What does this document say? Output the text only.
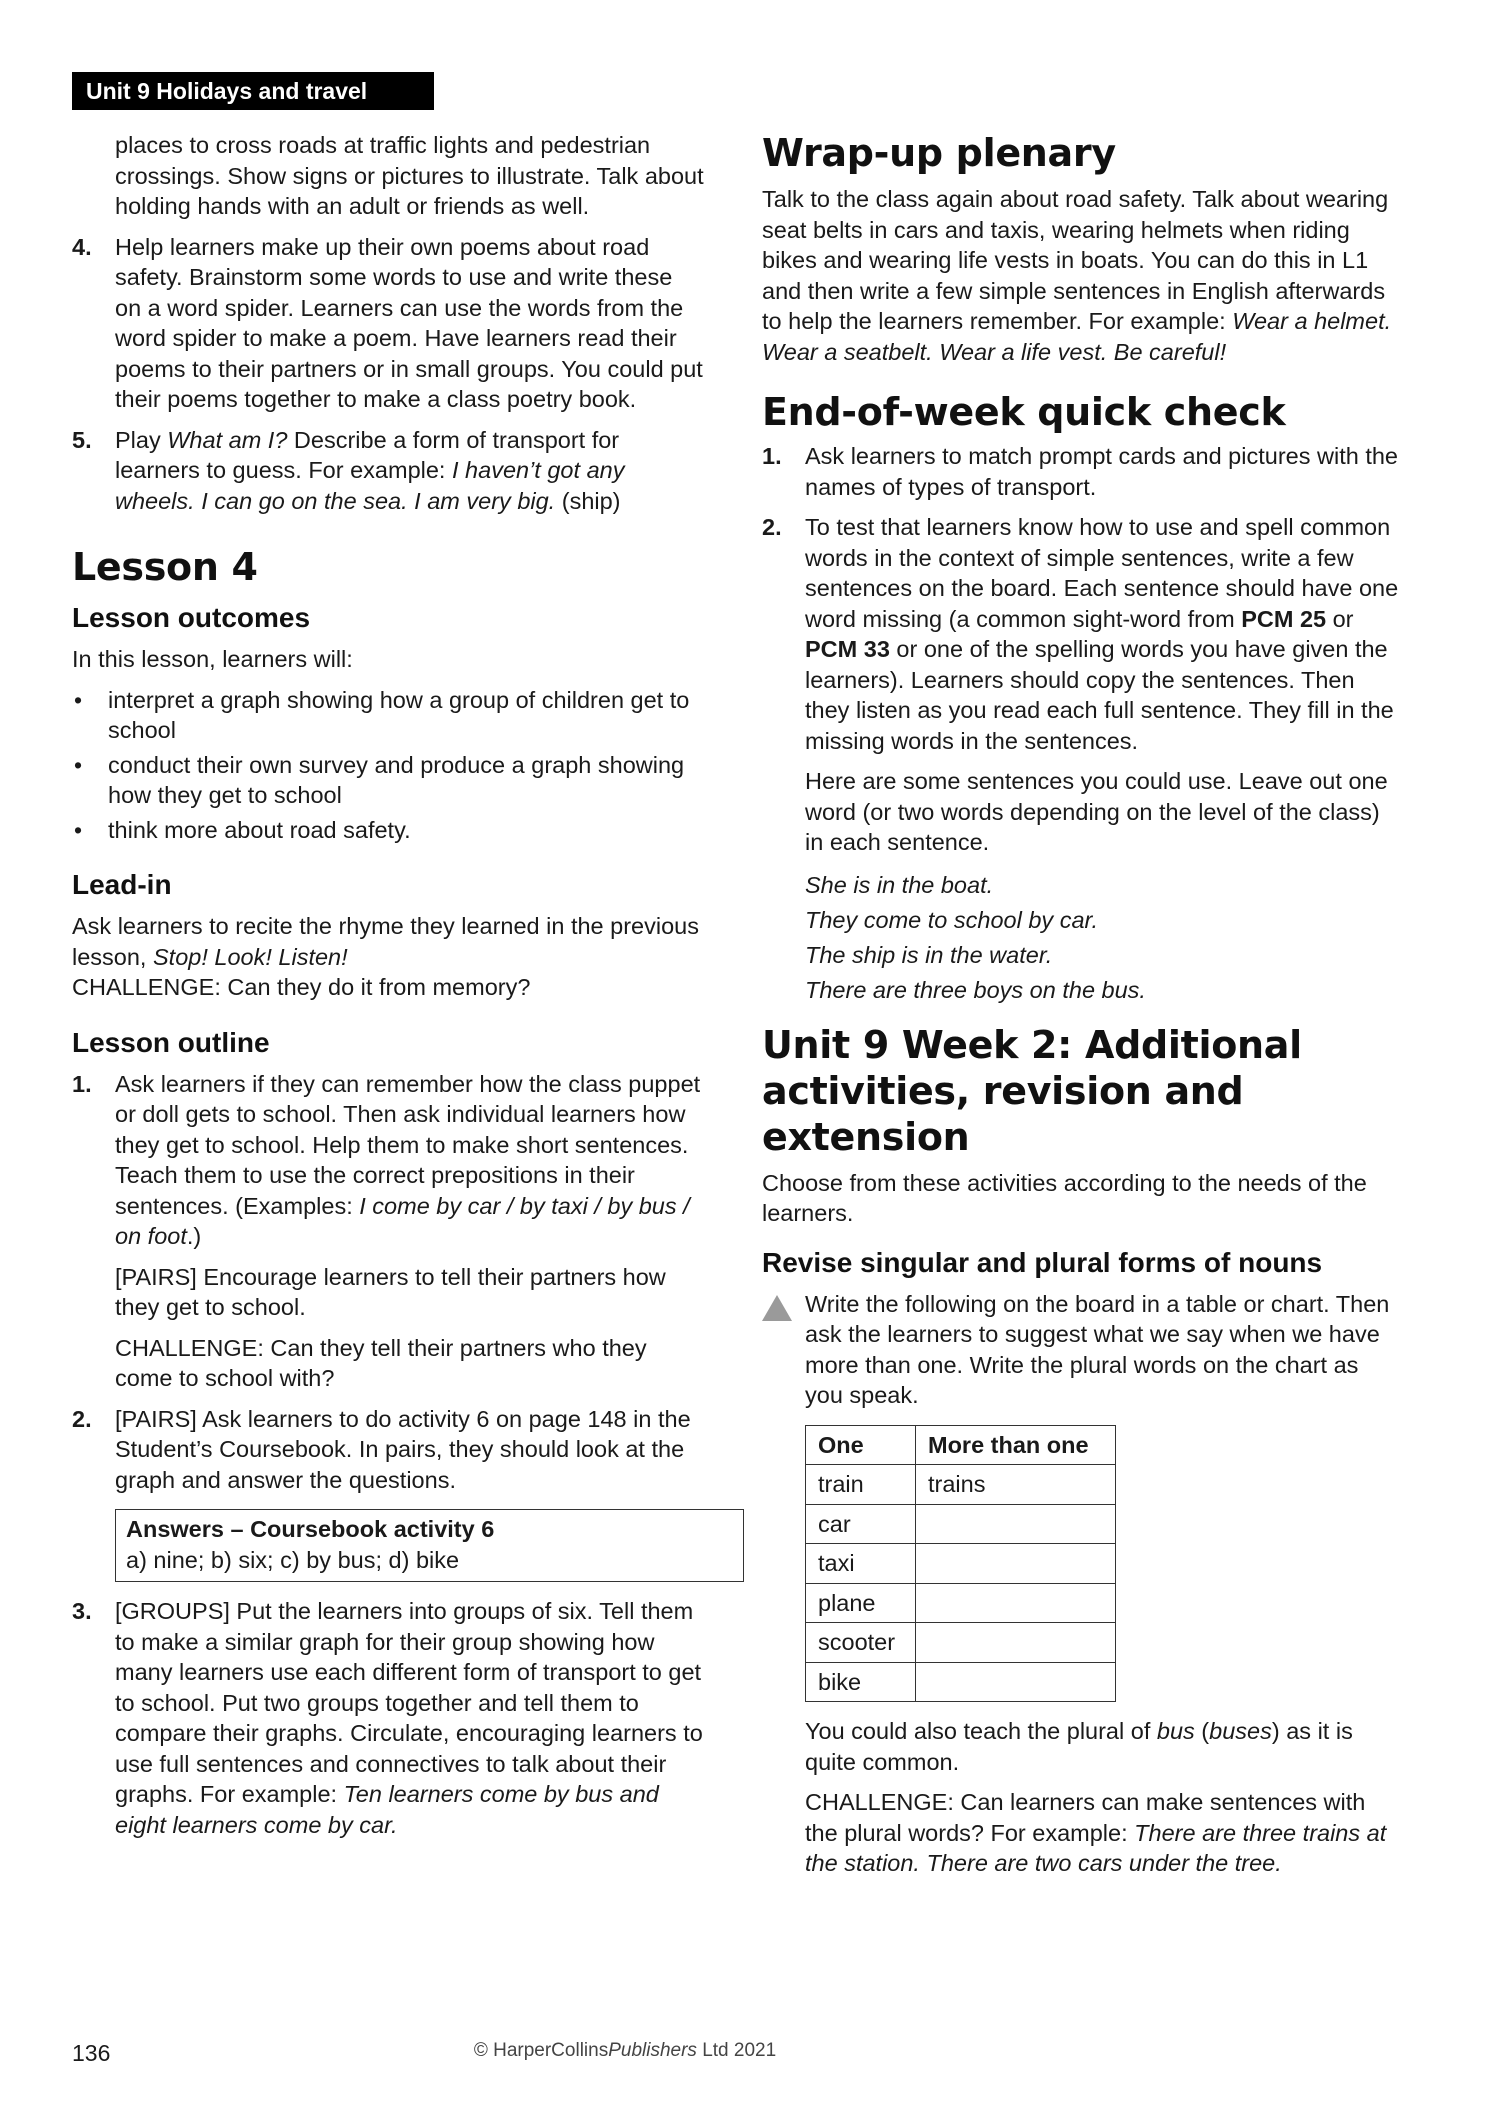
Unit 9 Holidays and travel

places to cross roads at traffic lights and pedestrian crossings. Show signs or pictures to illustrate. Talk about holding hands with an adult or friends as well.

4. Help learners make up their own poems about road safety. Brainstorm some words to use and write these on a word spider. Learners can use the words from the word spider to make a poem. Have learners read their poems to their partners or in small groups. You could put their poems together to make a class poetry book.

5. Play What am I? Describe a form of transport for learners to guess. For example: I haven’t got any wheels. I can go on the sea. I am very big. (ship)

Lesson 4
Lesson outcomes

In this lesson, learners will:

• interpret a graph showing how a group of children get to school
• conduct their own survey and produce a graph showing how they get to school
• think more about road safety.
Lead-in

Ask learners to recite the rhyme they learned in the previous lesson, Stop! Look! Listen!

CHALLENGE: Can they do it from memory?

Lesson outline
1. Ask learners if they can remember how the class puppet or doll gets to school. Then ask individual learners how they get to school. Help them to make short sentences. Teach them to use the correct prepositions in their sentences. (Examples: I come by car / by taxi / by bus / on foot.)

[PAIRS] Encourage learners to tell their partners how they get to school.

CHALLENGE: Can they tell their partners who they come to school with?

2. [PAIRS] Ask learners to do activity 6 on page 148 in the Student’s Coursebook. In pairs, they should look at the graph and answer the questions.

Answers – Coursebook activity 6

a) nine; b) six; c) by bus; d) bike

3. [GROUPS] Put the learners into groups of six. Tell them to make a similar graph for their group showing how many learners use each different form of transport to get to school. Put two groups together and tell them to compare their graphs. Circulate, encouraging learners to use full sentences and connectives to talk about their graphs. For example: Ten learners come by bus and eight learners come by car.

Wrap-up plenary

Talk to the class again about road safety. Talk about wearing seat belts in cars and taxis, wearing helmets when riding bikes and wearing life vests in boats. You can do this in L1 and then write a few simple sentences in English afterwards to help the learners remember. For example: Wear a helmet. Wear a seatbelt. Wear a life vest. Be careful!

End-of-week quick check
1. Ask learners to match prompt cards and pictures with the names of types of transport.

2. To test that learners know how to use and spell common words in the context of simple sentences, write a few sentences on the board. Each sentence should have one word missing (a common sight-word from PCM 25 or PCM 33 or one of the spelling words you have given the learners). Learners should copy the sentences. Then they listen as you read each full sentence. They fill in the missing words in the sentences.

Here are some sentences you could use. Leave out one word (or two words depending on the level of the class) in each sentence.

She is in the boat.

They come to school by car.

The ship is in the water.

There are three boys on the bus.

Unit 9 Week 2: Additional activities, revision and extension

Choose from these activities according to the needs of the learners.

Revise singular and plural forms of nouns

Write the following on the board in a table or chart. Then ask the learners to suggest what we say when we have more than one. Write the plural words on the chart as you speak.

One	More than one
train	trains
car	
taxi	
plane	
scooter	
bike	

You could also teach the plural of bus (buses) as it is quite common.

CHALLENGE: Can learners can make sentences with the plural words? For example: There are three trains at the station. There are two cars under the tree.

136	© HarperCollinsPublishers Ltd 2021
